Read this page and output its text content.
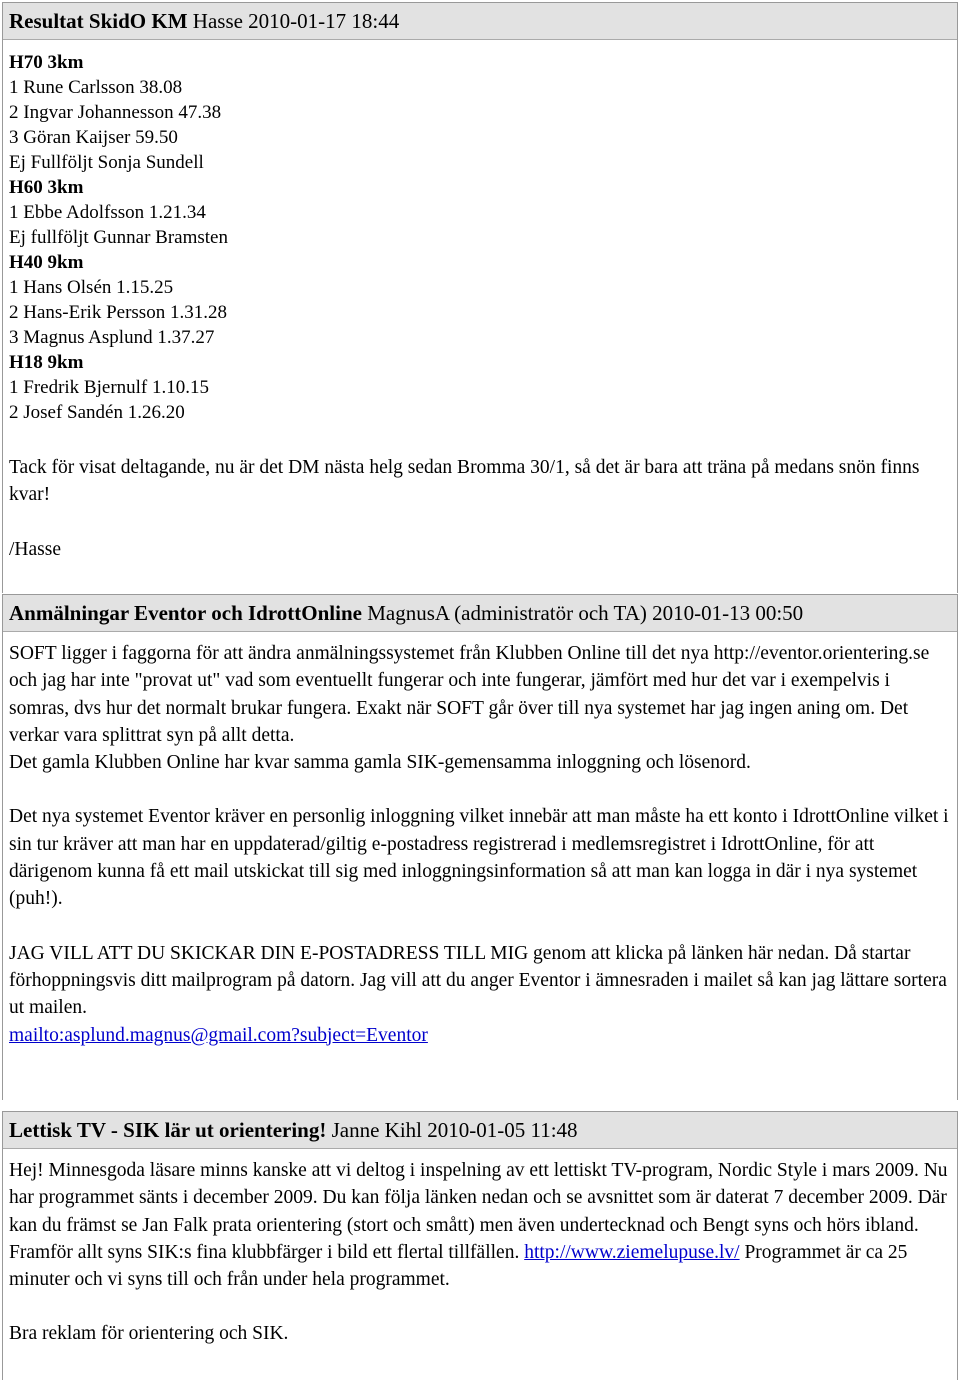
Resultat SkidO KM Hasse 2010-01-17 18:44
H70 3km
1 Rune Carlsson 38.08
2 Ingvar Johannesson 47.38
3 Göran Kaijser 59.50
Ej Fullföljt Sonja Sundell
H60 3km
1 Ebbe Adolfsson 1.21.34
Ej fullföljt Gunnar Bramsten
H40 9km
1 Hans Olsén 1.15.25
2 Hans-Erik Persson 1.31.28
3 Magnus Asplund 1.37.27
H18 9km
1 Fredrik Bjernulf 1.10.15
2 Josef Sandén 1.26.20

Tack för visat deltagande, nu är det DM nästa helg sedan Bromma 30/1, så det är bara att träna på medans snön finns kvar!

/Hasse

Anmälningar Eventor och IdrottOnline MagnusA (administratör och TA) 2010-01-13 00:50

SOFT ligger i faggorna för att ändra anmälningssystemet från Klubben Online till det nya http://eventor.orientering.se och jag har inte "provat ut" vad som eventuellt fungerar och inte fungerar, jämfört med hur det var i exempelvis i somras, dvs hur det normalt brukar fungera. Exakt när SOFT går över till nya systemet har jag ingen aning om. Det verkar vara splittrat syn på allt detta.

Det gamla Klubben Online har kvar samma gamla SIK-gemensamma inloggning och lösenord.

Det nya systemet Eventor kräver en personlig inloggning vilket innebär att man måste ha ett konto i IdrottOnline vilket i sin tur kräver att man har en uppdaterad/giltig e-postadress registrerad i medlemsregistret i IdrottOnline, för att därigenom kunna få ett mail utskickat till sig med inloggningsinformation så att man kan logga in där i nya systemet (puh!).

JAG VILL ATT DU SKICKAR DIN E-POSTADRESS TILL MIG genom att klicka på länken här nedan. Då startar förhoppningsvis ditt mailprogram på datorn. Jag vill att du anger Eventor i ämnesraden i mailet så kan jag lättare sortera ut mailen.

mailto:asplund.magnus@gmail.com?subject=Eventor
Lettisk TV - SIK lär ut orientering! Janne Kihl 2010-01-05 11:48

Hej! Minnesgoda läsare minns kanske att vi deltog i inspelning av ett lettiskt TV-program, Nordic Style i mars 2009. Nu har programmet sänts i december 2009. Du kan följa länken nedan och se avsnittet som är daterat 7 december 2009. Där kan du främst se Jan Falk prata orientering (stort och smått) men även undertecknad och Bengt syns och hörs ibland. Framför allt syns SIK:s fina klubbfärger i bild ett flertal tillfällen. http://www.ziemelupuse.lv/ Programmet är ca 25 minuter och vi syns till och från under hela programmet.

Bra reklam för orientering och SIK.
